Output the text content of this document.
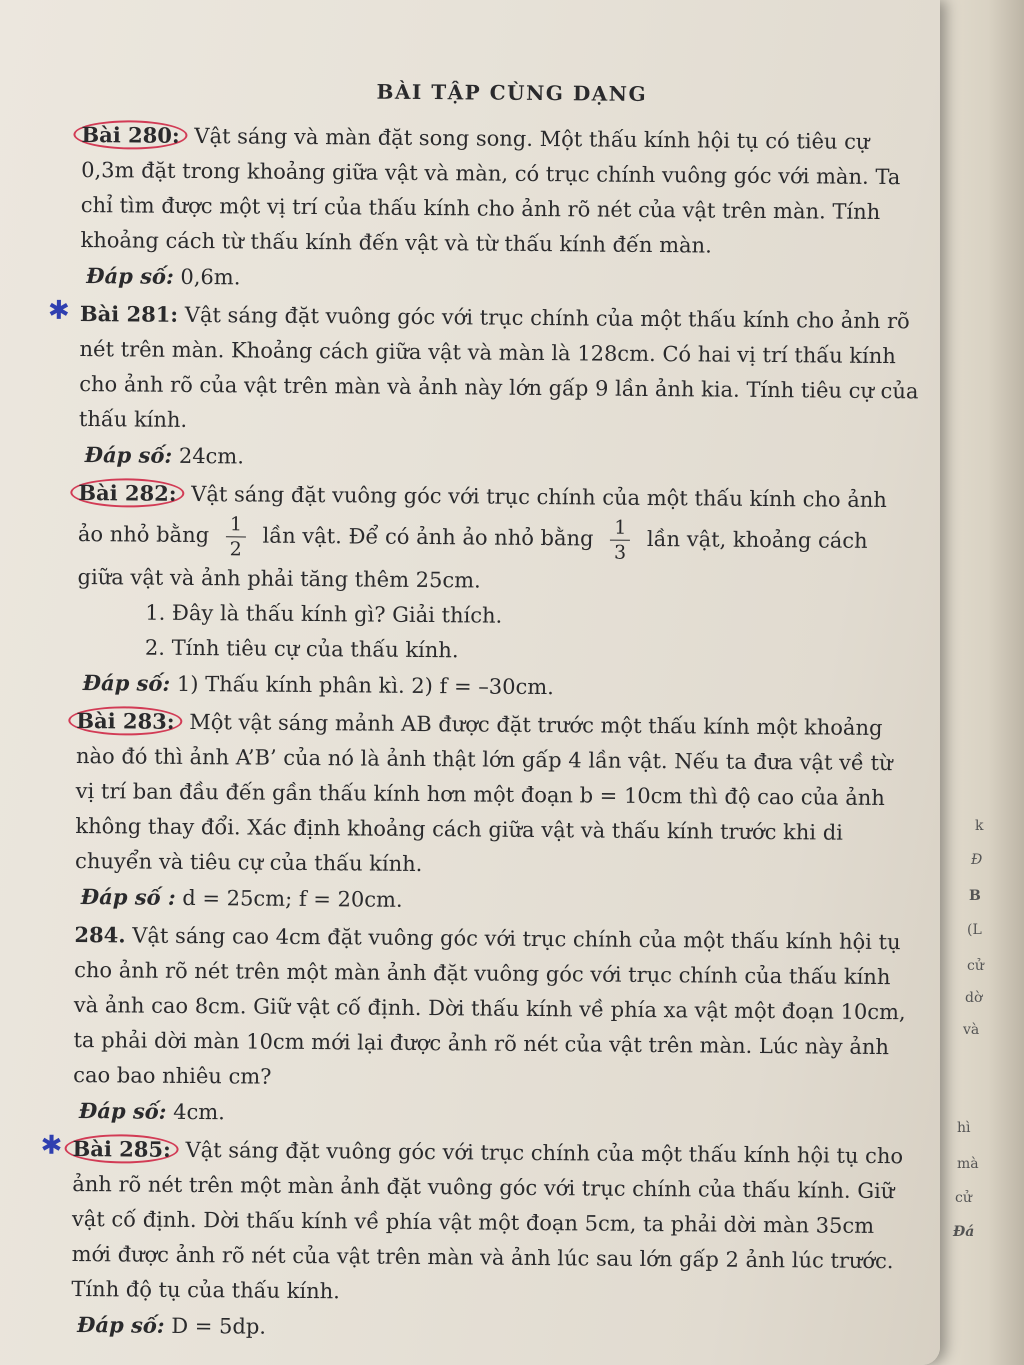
k
Đ
B
(L
cử
dờ
và
hì
mà
cử
Đá
BÀI TẬP CÙNG DẠNG
Bài 280: Vật sáng và màn đặt song song. Một thấu kính hội tụ có tiêu cự 0,3m đặt trong khoảng giữa vật và màn, có trục chính vuông góc với màn. Ta chỉ tìm được một vị trí của thấu kính cho ảnh rõ nét của vật trên màn. Tính khoảng cách từ thấu kính đến vật và từ thấu kính đến màn.
Đáp số: 0,6m.
✱ Bài 281: Vật sáng đặt vuông góc với trục chính của một thấu kính cho ảnh rõ nét trên màn. Khoảng cách giữa vật và màn là 128cm. Có hai vị trí thấu kính cho ảnh rõ của vật trên màn và ảnh này lớn gấp 9 lần ảnh kia. Tính tiêu cự của thấu kính.
Đáp số: 24cm.
Bài 282: Vật sáng đặt vuông góc với trục chính của một thấu kính cho ảnh ảo nhỏ bằng $\frac{1}{2}$ lần vật. Để có ảnh ảo nhỏ bằng $\frac{1}{3}$ lần vật, khoảng cách giữa vật và ảnh phải tăng thêm 25cm.
1. Đây là thấu kính gì? Giải thích.
2. Tính tiêu cự của thấu kính.
Đáp số: 1) Thấu kính phân kì. 2) f = –30cm.
Bài 283: Một vật sáng mảnh AB được đặt trước một thấu kính một khoảng nào đó thì ảnh A’B’ của nó là ảnh thật lớn gấp 4 lần vật. Nếu ta đưa vật về từ vị trí ban đầu đến gần thấu kính hơn một đoạn b = 10cm thì độ cao của ảnh không thay đổi. Xác định khoảng cách giữa vật và thấu kính trước khi di chuyển và tiêu cự của thấu kính.
Đáp số : d = 25cm; f = 20cm.
284. Vật sáng cao 4cm đặt vuông góc với trục chính của một thấu kính hội tụ cho ảnh rõ nét trên một màn ảnh đặt vuông góc với trục chính của thấu kính và ảnh cao 8cm. Giữ vật cố định. Dời thấu kính về phía xa vật một đoạn 10cm, ta phải dời màn 10cm mới lại được ảnh rõ nét của vật trên màn. Lúc này ảnh cao bao nhiêu cm?
Đáp số: 4cm.
✱ Bài 285: Vật sáng đặt vuông góc với trục chính của một thấu kính hội tụ cho ảnh rõ nét trên một màn ảnh đặt vuông góc với trục chính của thấu kính. Giữ vật cố định. Dời thấu kính về phía vật một đoạn 5cm, ta phải dời màn 35cm mới được ảnh rõ nét của vật trên màn và ảnh lúc sau lớn gấp 2 ảnh lúc trước. Tính độ tụ của thấu kính.
Đáp số: D = 5dp.
